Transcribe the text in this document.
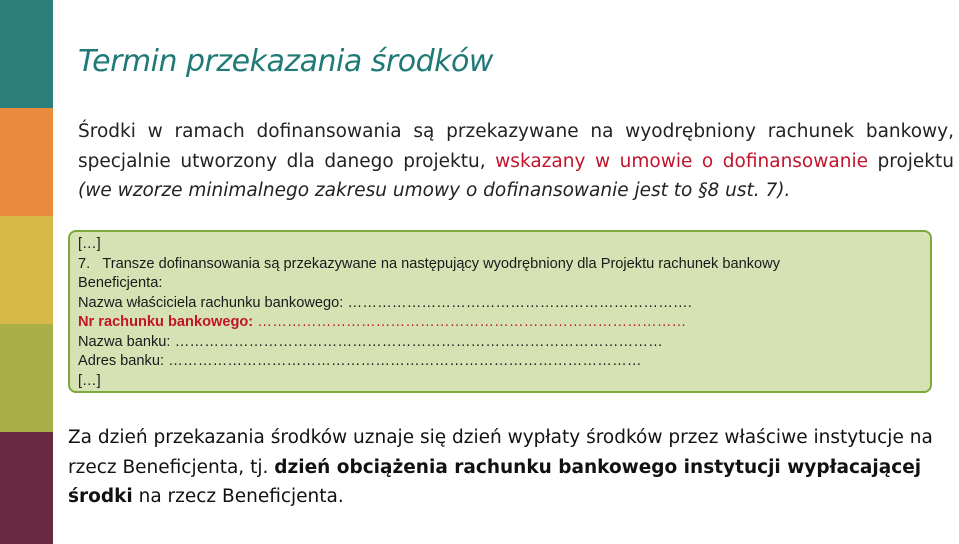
Termin przekazania środków

Środki w ramach dofinansowania są przekazywane na wyodrębniony rachunek bankowy, specjalnie utworzony dla danego projektu, wskazany w umowie o dofinansowanie projektu (we wzorze minimalnego zakresu umowy o dofinansowanie jest to §8 ust. 7).

[…]
7. Transze dofinansowania są przekazywane na następujący wyodrębniony dla Projektu rachunek bankowy
Beneficjenta:
Nazwa właściciela rachunku bankowego: …………………………………………………………….
Nr rachunku bankowego: ……………………………………………………………………………
Nazwa banku: ………………………………………………………………………………………
Adres banku: ……………………………………………………………………………………
[…]

Za dzień przekazania środków uznaje się dzień wypłaty środków przez właściwe instytucje na rzecz Beneficjenta, tj. dzień obciążenia rachunku bankowego instytucji wypłacającej środki na rzecz Beneficjenta.
